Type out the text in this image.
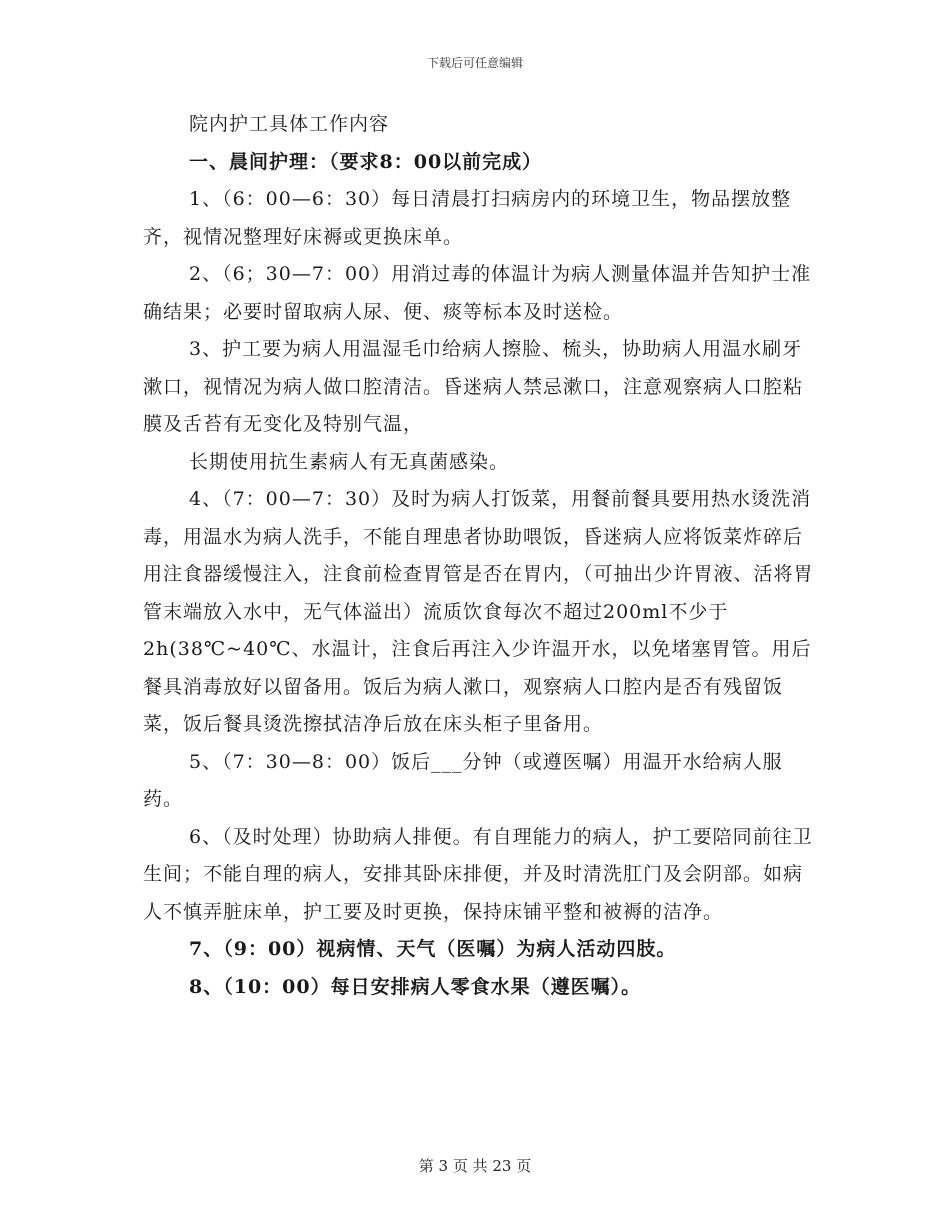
下载后可任意编辑

院内护工具体工作内容

一、晨间护理：（要求8：00以前完成）

1、（6：00—6：30）每日清晨打扫病房内的环境卫生，物品摆放整齐，视情况整理好床褥或更换床单。

2、（6；30—7：00）用消过毒的体温计为病人测量体温并告知护士准确结果；必要时留取病人尿、便、痰等标本及时送检。

3、护工要为病人用温湿毛巾给病人擦脸、梳头，协助病人用温水刷牙漱口，视情况为病人做口腔清洁。昏迷病人禁忌漱口，注意观察病人口腔粘膜及舌苔有无变化及特别气温，

长期使用抗生素病人有无真菌感染。

4、（7：00—7：30）及时为病人打饭菜，用餐前餐具要用热水烫洗消毒，用温水为病人洗手，不能自理患者协助喂饭，昏迷病人应将饭菜炸碎后用注食器缓慢注入，注食前检查胃管是否在胃内，（可抽出少许胃液、活将胃管末端放入水中，无气体溢出）流质饮食每次不超过200ml不少于2h(38℃~40℃、水温计，注食后再注入少许温开水，以免堵塞胃管。用后餐具消毒放好以留备用。饭后为病人漱口，观察病人口腔内是否有残留饭菜，饭后餐具烫洗擦拭洁净后放在床头柜子里备用。

5、（7：30—8：00）饭后___分钟（或遵医嘱）用温开水给病人服药。

6、（及时处理）协助病人排便。有自理能力的病人，护工要陪同前往卫生间；不能自理的病人，安排其卧床排便，并及时清洗肛门及会阴部。如病人不慎弄脏床单，护工要及时更换，保持床铺平整和被褥的洁净。

7、（9：00）视病情、天气（医嘱）为病人活动四肢。

8、（10：00）每日安排病人零食水果（遵医嘱）。

第 3 页 共 23 页
